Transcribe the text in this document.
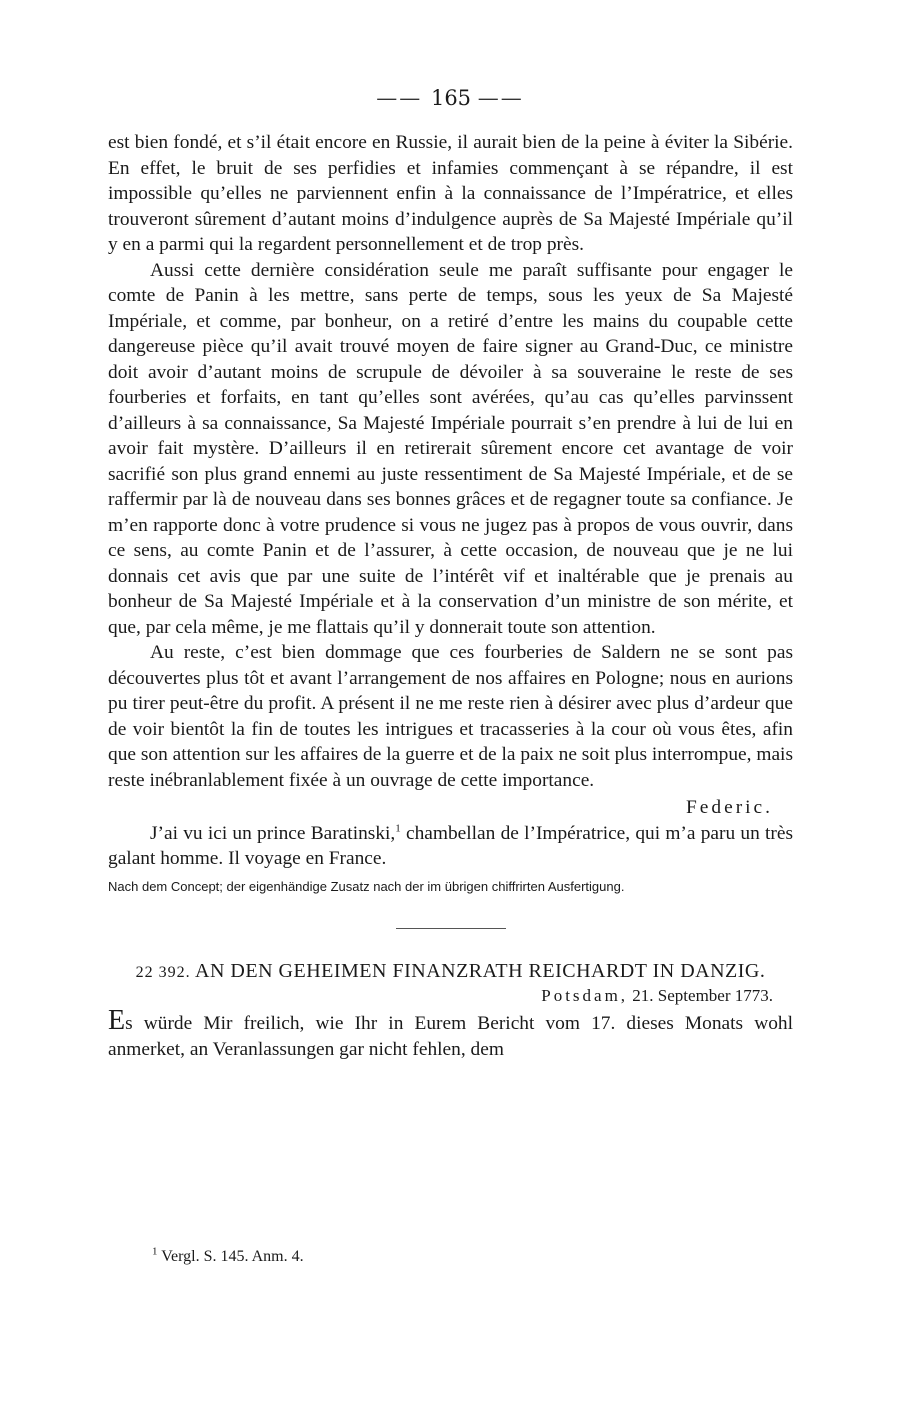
—— 165 ——

est bien fondé, et s’il était encore en Russie, il aurait bien de la peine à éviter la Sibérie. En effet, le bruit de ses perfidies et infamies commençant à se répandre, il est impossible qu’elles ne parviennent enfin à la connaissance de l’Impératrice, et elles trouveront sûrement d’autant moins d’indulgence auprès de Sa Majesté Impériale qu’il y en a parmi qui la regardent personnellement et de trop près.

Aussi cette dernière considération seule me paraît suffisante pour engager le comte de Panin à les mettre, sans perte de temps, sous les yeux de Sa Majesté Impériale, et comme, par bonheur, on a retiré d’entre les mains du coupable cette dangereuse pièce qu’il avait trouvé moyen de faire signer au Grand-Duc, ce ministre doit avoir d’autant moins de scrupule de dévoiler à sa souveraine le reste de ses fourberies et forfaits, en tant qu’elles sont avérées, qu’au cas qu’elles parvinssent d’ailleurs à sa connaissance, Sa Majesté Impériale pourrait s’en prendre à lui de lui en avoir fait mystère. D’ailleurs il en retirerait sûrement encore cet avantage de voir sacrifié son plus grand ennemi au juste ressentiment de Sa Majesté Impériale, et de se raffermir par là de nouveau dans ses bonnes grâces et de regagner toute sa confiance. Je m’en rapporte donc à votre prudence si vous ne jugez pas à propos de vous ouvrir, dans ce sens, au comte Panin et de l’assurer, à cette occasion, de nouveau que je ne lui donnais cet avis que par une suite de l’intérêt vif et inaltérable que je prenais au bonheur de Sa Majesté Impériale et à la conservation d’un ministre de son mérite, et que, par cela même, je me flattais qu’il y donnerait toute son attention.

Au reste, c’est bien dommage que ces fourberies de Saldern ne se sont pas découvertes plus tôt et avant l’arrangement de nos affaires en Pologne; nous en aurions pu tirer peut-être du profit. A présent il ne me reste rien à désirer avec plus d’ardeur que de voir bientôt la fin de toutes les intrigues et tracasseries à la cour où vous êtes, afin que son attention sur les affaires de la guerre et de la paix ne soit plus interrompue, mais reste inébranlablement fixée à un ouvrage de cette importance.

Federic.

J’ai vu ici un prince Baratinski,$^1$ chambellan de l’Impératrice, qui m’a paru un très galant homme. Il voyage en France.

Nach dem Concept; der eigenhändige Zusatz nach der im übrigen chiffrirten Ausfertigung.
22 392. AN DEN GEHEIMEN FINANZRATH REICHARDT IN DANZIG.
Potsdam, 21. September 1773.

Es würde Mir freilich, wie Ihr in Eurem Bericht vom 17. dieses Monats wohl anmerket, an Veranlassungen gar nicht fehlen, dem

$^1$ Vergl. S. 145. Anm. 4.
